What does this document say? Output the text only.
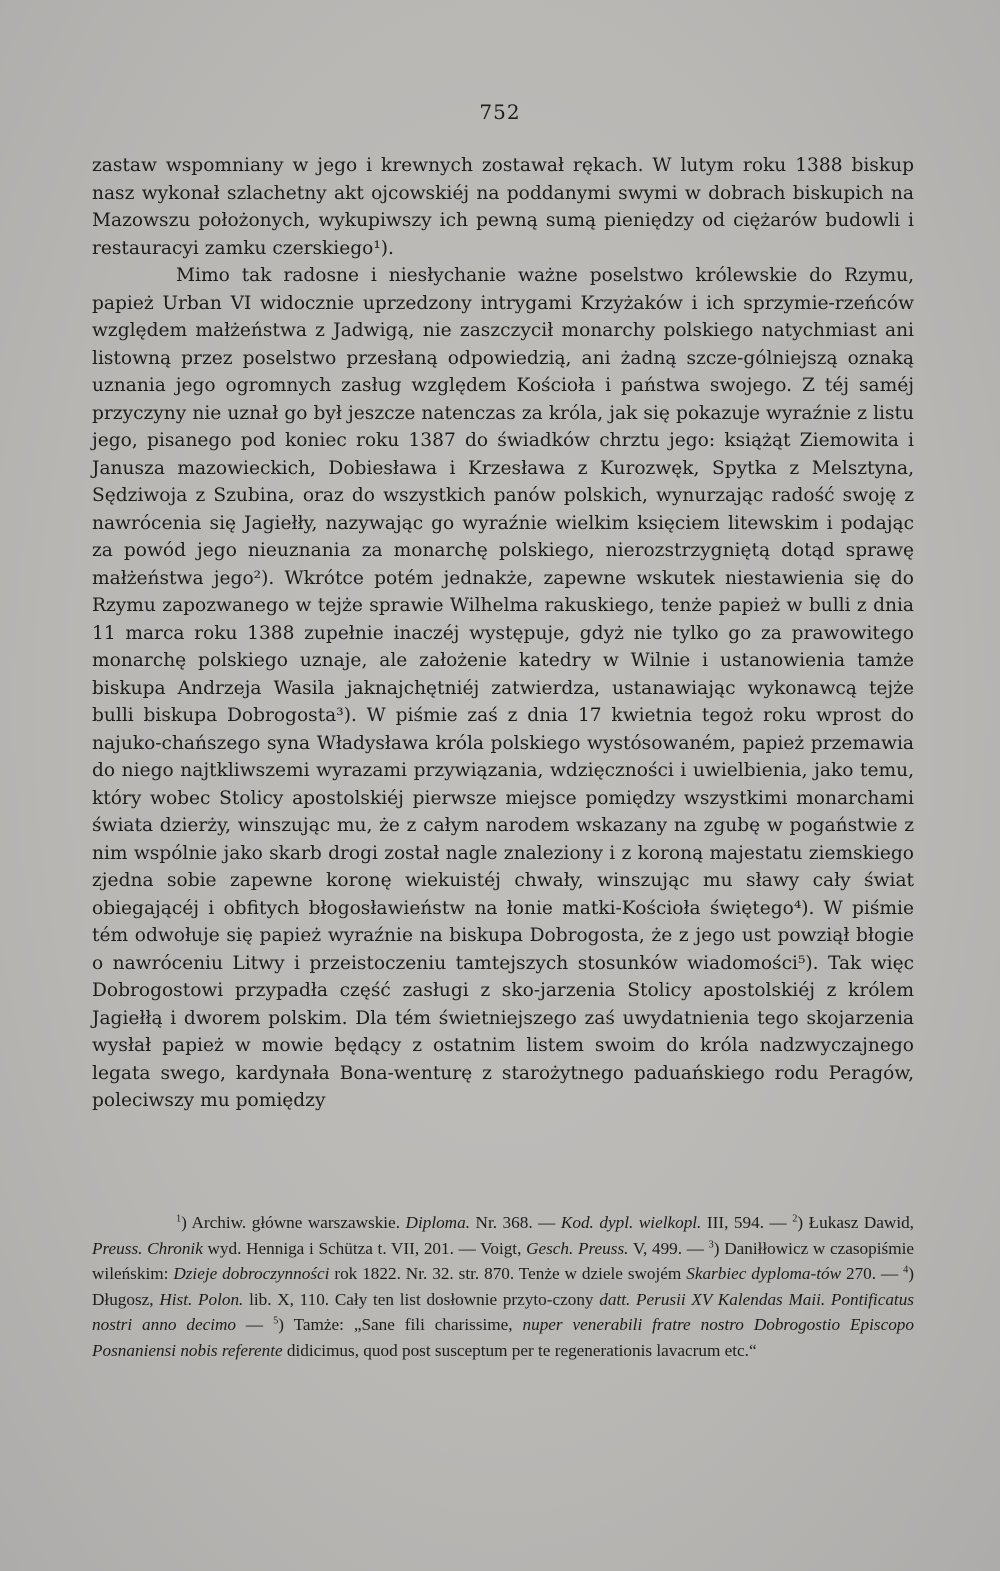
752

zastaw wspomniany w jego i krewnych zostawał rękach. W lutym roku 1388 biskup nasz wykonał szlachetny akt ojcowskiéj na poddanymi swymi w dobrach biskupich na Mazowszu położonych, wykupiwszy ich pewną sumą pieniędzy od ciężarów budowli i restauracyi zamku czerskiego¹).

Mimo tak radosne i niesłychanie ważne poselstwo królewskie do Rzymu, papież Urban VI widocznie uprzedzony intrygami Krzyżaków i ich sprzymie-rzeńców względem małżeństwa z Jadwigą, nie zaszczycił monarchy polskiego natychmiast ani listowną przez poselstwo przesłaną odpowiedzią, ani żadną szcze-gólniejszą oznaką uznania jego ogromnych zasług względem Kościoła i państwa swojego. Z téj saméj przyczyny nie uznał go był jeszcze natenczas za króla, jak się pokazuje wyraźnie z listu jego, pisanego pod koniec roku 1387 do świadków chrztu jego: książąt Ziemowita i Janusza mazowieckich, Dobiesława i Krzesława z Kurozwęk, Spytka z Melsztyna, Sędziwoja z Szubina, oraz do wszystkich panów polskich, wynurzając radość swoję z nawrócenia się Jagiełły, nazywając go wyraźnie wielkim księciem litewskim i podając za powód jego nieuznania za monarchę polskiego, nierozstrzygniętą dotąd sprawę małżeństwa jego²). Wkrótce potém jednakże, zapewne wskutek niestawienia się do Rzymu zapozwanego w tejże sprawie Wilhelma rakuskiego, tenże papież w bulli z dnia 11 marca roku 1388 zupełnie inaczéj występuje, gdyż nie tylko go za prawowitego monarchę polskiego uznaje, ale założenie katedry w Wilnie i ustanowienia tamże biskupa Andrzeja Wasila jaknajchętniéj zatwierdza, ustanawiając wykonawcą tejże bulli biskupa Dobrogosta³). W piśmie zaś z dnia 17 kwietnia tegoż roku wprost do najuko-chańszego syna Władysława króla polskiego wystósowaném, papież przemawia do niego najtkliwszemi wyrazami przywiązania, wdzięczności i uwielbienia, jako temu, który wobec Stolicy apostolskiéj pierwsze miejsce pomiędzy wszystkimi monarchami świata dzierży, winszując mu, że z całym narodem wskazany na zgubę w pogaństwie z nim wspólnie jako skarb drogi został nagle znaleziony i z koroną majestatu ziemskiego zjedna sobie zapewne koronę wiekuistéj chwały, winszując mu sławy cały świat obiegającéj i obfitych błogosławieństw na łonie matki-Kościoła świętego⁴). W piśmie tém odwołuje się papież wyraźnie na biskupa Dobrogosta, że z jego ust powziął błogie o nawróceniu Litwy i przeistoczeniu tamtejszych stosunków wiadomości⁵). Tak więc Dobrogostowi przypadła część zasługi z sko-jarzenia Stolicy apostolskiéj z królem Jagiełłą i dworem polskim. Dla tém świetniejszego zaś uwydatnienia tego skojarzenia wysłał papież w mowie będący z ostatnim listem swoim do króla nadzwyczajnego legata swego, kardynała Bona-wenturę z starożytnego paduańskiego rodu Peragów, poleciwszy mu pomiędzy

$^1$) Archiw. główne warszawskie. Diploma. Nr. 368. — Kod. dypl. wielkopl. III, 594. — $^2$) Łukasz Dawid, Preuss. Chronik wyd. Henniga i Schütza t. VII, 201. — Voigt, Gesch. Preuss. V, 499. — $^3$) Daniłłowicz w czasopiśmie wileńskim: Dzieje dobroczynności rok 1822. Nr. 32. str. 870. Tenże w dziele swojém Skarbiec dyploma-tów 270. — $^4$) Długosz, Hist. Polon. lib. X, 110. Cały ten list dosłownie przyto-czony datt. Perusii XV Kalendas Maii. Pontificatus nostri anno decimo — $^5$) Tamże: „Sane fili charissime, nuper venerabili fratre nostro Dobrogostio Episcopo Posnaniensi nobis referente didicimus, quod post susceptum per te regenerationis lavacrum etc.“
